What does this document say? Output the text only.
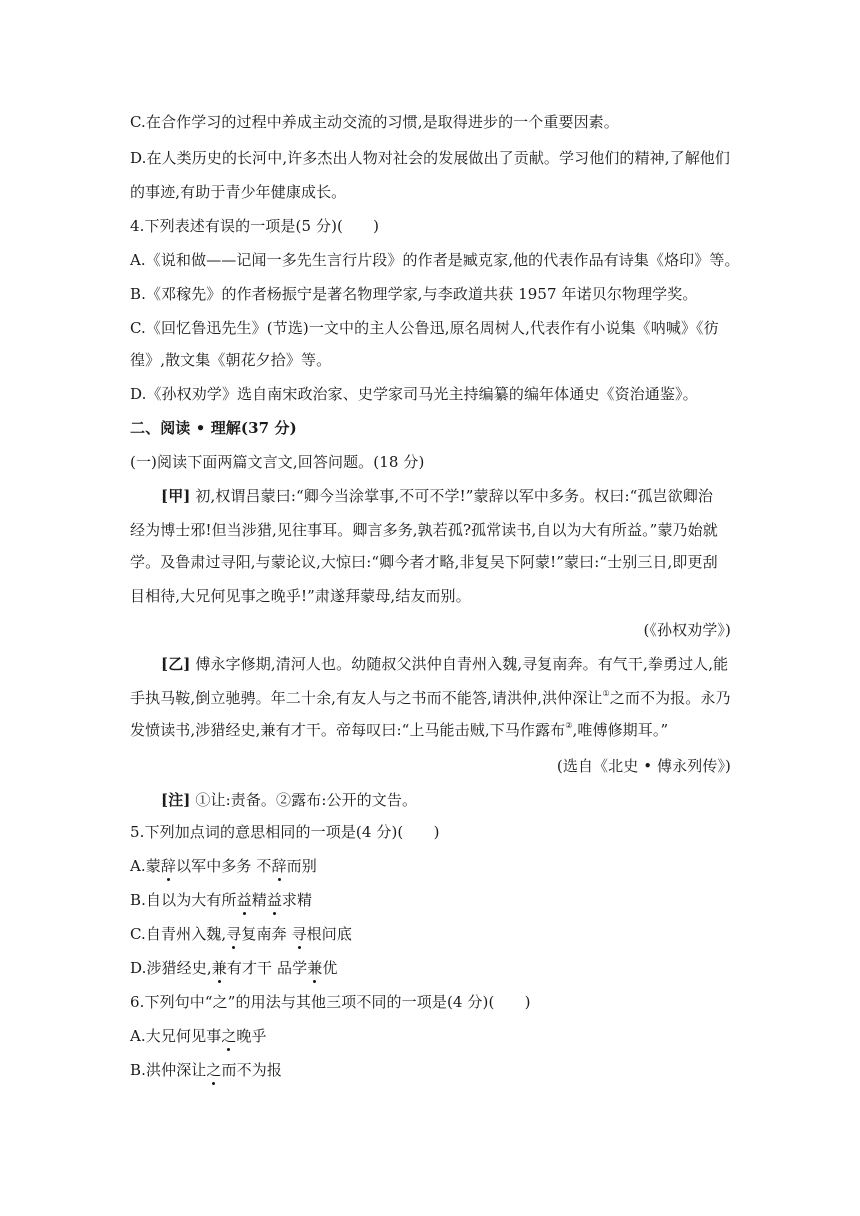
C.在合作学习的过程中养成主动交流的习惯,是取得进步的一个重要因素。
D.在人类历史的长河中,许多杰出人物对社会的发展做出了贡献。学习他们的精神,了解他们
的事迹,有助于青少年健康成长。
4.下列表述有误的一项是(5 分)(　　)
A.《说和做——记闻一多先生言行片段》的作者是臧克家,他的代表作品有诗集《烙印》等。
B.《邓稼先》的作者杨振宁是著名物理学家,与李政道共获 1957 年诺贝尔物理学奖。
C.《回忆鲁迅先生》(节选)一文中的主人公鲁迅,原名周树人,代表作有小说集《呐喊》《彷
徨》,散文集《朝花夕拾》等。
D.《孙权劝学》选自南宋政治家、史学家司马光主持编纂的编年体通史《资治通鉴》。
二、阅读 • 理解(37 分)
(一)阅读下面两篇文言文,回答问题。(18 分)
[甲] 初,权谓吕蒙曰:“卿今当涂掌事,不可不学!”蒙辞以军中多务。权曰:“孤岂欲卿治
经为博士邪!但当涉猎,见往事耳。卿言多务,孰若孤?孤常读书,自以为大有所益。”蒙乃始就
学。及鲁肃过寻阳,与蒙论议,大惊曰:“卿今者才略,非复吴下阿蒙!”蒙曰:“士别三日,即更刮
目相待,大兄何见事之晚乎!”肃遂拜蒙母,结友而别。
(《孙权劝学》)
[乙] 傅永字修期,清河人也。幼随叔父洪仲自青州入魏,寻复南奔。有气干,拳勇过人,能
手执马鞍,倒立驰骋。年二十余,有友人与之书而不能答,请洪仲,洪仲深让①之而不为报。永乃
发愤读书,涉猎经史,兼有才干。帝每叹曰:“上马能击贼,下马作露布②,唯傅修期耳。”
(选自《北史 • 傅永列传》)
[注] ①让:责备。②露布:公开的文告。
5.下列加点词的意思相同的一项是(4 分)(　　)
A.蒙辞以军中多务 不辞而别
B.自以为大有所益精益求精
C.自青州入魏,寻复南奔 寻根问底
D.涉猎经史,兼有才干 品学兼优
6.下列句中“之”的用法与其他三项不同的一项是(4 分)(　　)
A.大兄何见事之晚乎
B.洪仲深让之而不为报
